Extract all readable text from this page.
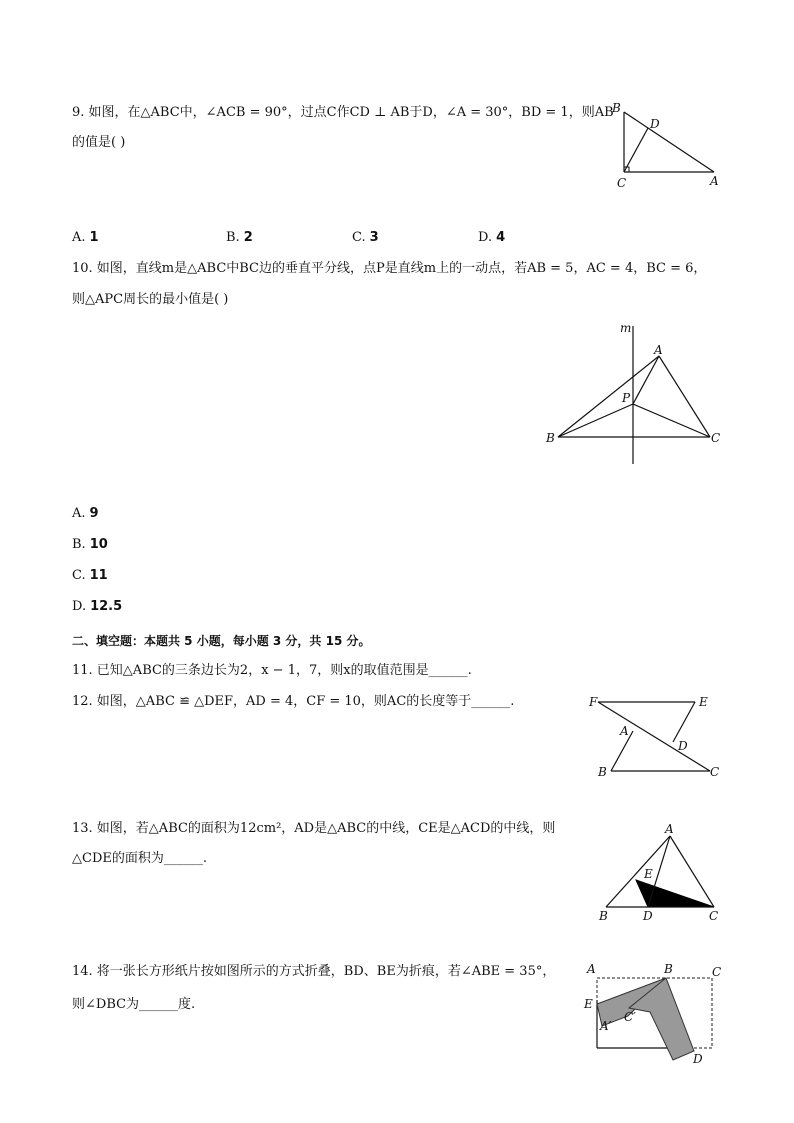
9. 如图，在△ABC中，∠ACB = 90°，过点C作CD ⊥ AB于D，∠A = 30°，BD = 1，则AB
的值是( )
B
D
C	A
A. 1	B. 2	C. 3	D. 4
10. 如图，直线m是△ABC中BC边的垂直平分线，点P是直线m上的一动点，若AB = 5，AC = 4，BC = 6，
则△APC周长的最小值是( )
m
A
P
B	C
A. 9
B. 10
C. 11
D. 12.5
二、填空题：本题共 5 小题，每小题 3 分，共 15 分。
11. 已知△ABC的三条边长为2，x − 1，7，则x的取值范围是______.
12. 如图，△ABC ≌ △DEF，AD = 4，CF = 10，则AC的长度等于______.	F	E
A
D
B	C
13. 如图，若△ABC的面积为12cm²，AD是△ABC的中线，CE是△ACD的中线，则
△CDE的面积为______.
A
E
B	D	C
14. 将一张长方形纸片按如图所示的方式折叠，BD、BE为折痕，若∠ABE = 35°，
则∠DBC为______度.
A	B	C
E
A′
C′
D
